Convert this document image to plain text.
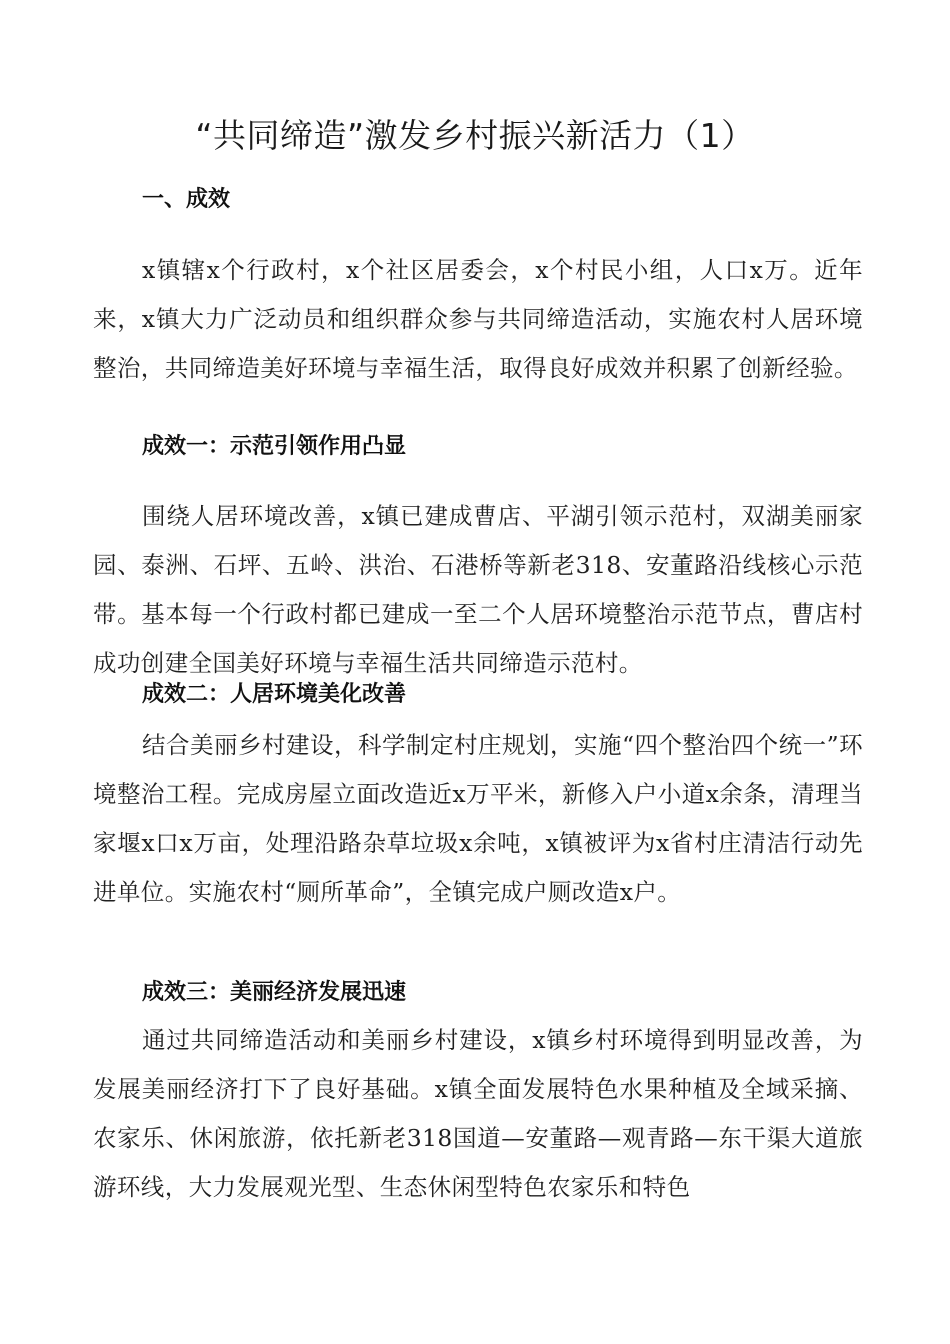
“共同缔造”激发乡村振兴新活力（1）
一、成效

x镇辖x个行政村，x个社区居委会，x个村民小组，人口x万。近年来，x镇大力广泛动员和组织群众参与共同缔造活动，实施农村人居环境整治，共同缔造美好环境与幸福生活，取得良好成效并积累了创新经验。

成效一：示范引领作用凸显

围绕人居环境改善，x镇已建成曹店、平湖引领示范村，双湖美丽家园、泰洲、石坪、五岭、洪治、石港桥等新老318、安董路沿线核心示范带。基本每一个行政村都已建成一至二个人居环境整治示范节点，曹店村成功创建全国美好环境与幸福生活共同缔造示范村。

成效二：人居环境美化改善

结合美丽乡村建设，科学制定村庄规划，实施“四个整治四个统一”环境整治工程。完成房屋立面改造近x万平米，新修入户小道x余条，清理当家堰x口x万亩，处理沿路杂草垃圾x余吨，x镇被评为x省村庄清洁行动先进单位。实施农村“厕所革命”，全镇完成户厕改造x户。

成效三：美丽经济发展迅速

通过共同缔造活动和美丽乡村建设，x镇乡村环境得到明显改善，为发展美丽经济打下了良好基础。x镇全面发展特色水果种植及全域采摘、农家乐、休闲旅游，依托新老318国道—安董路—观青路—东干渠大道旅游环线，大力发展观光型、生态休闲型特色农家乐和特色
